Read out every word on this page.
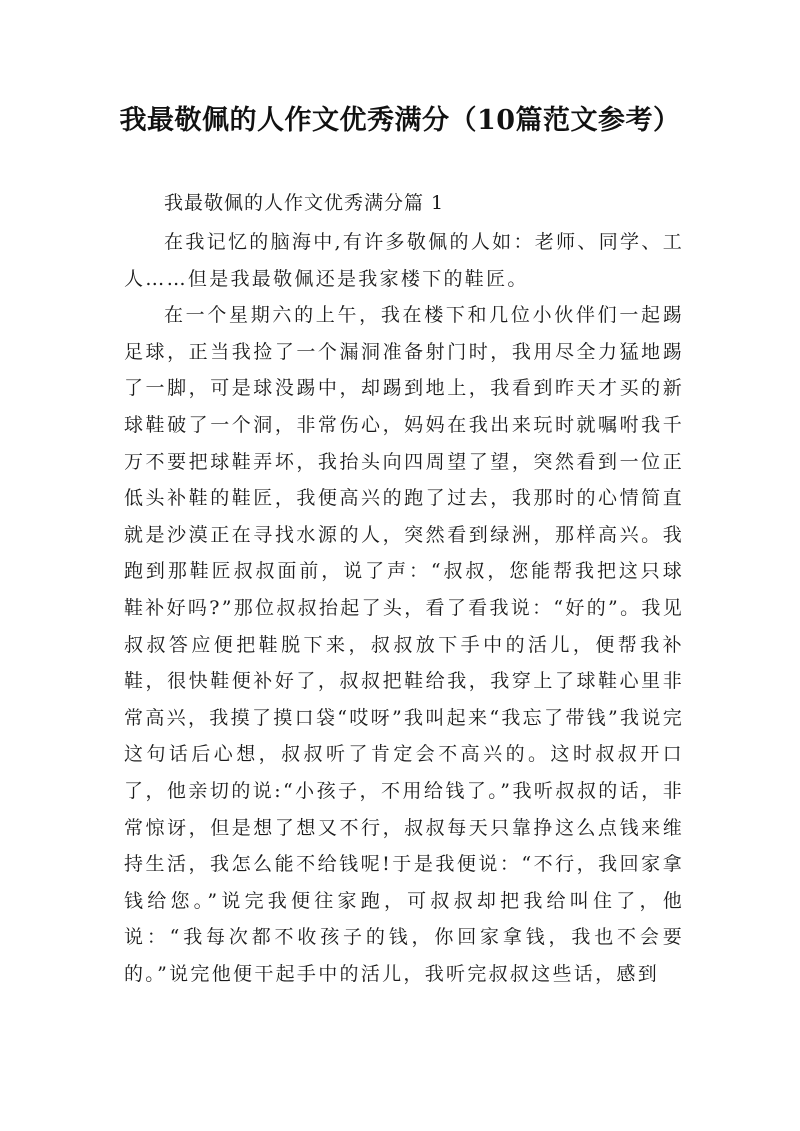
我最敬佩的人作文优秀满分（10篇范文参考）

我最敬佩的人作文优秀满分篇 1

在我记忆的脑海中,有许多敬佩的人如：老师、同学、工人……但是我最敬佩还是我家楼下的鞋匠。

在一个星期六的上午，我在楼下和几位小伙伴们一起踢足球，正当我捡了一个漏洞准备射门时，我用尽全力猛地踢了一脚，可是球没踢中，却踢到地上，我看到昨天才买的新球鞋破了一个洞，非常伤心，妈妈在我出来玩时就嘱咐我千万不要把球鞋弄坏，我抬头向四周望了望，突然看到一位正低头补鞋的鞋匠，我便高兴的跑了过去，我那时的心情简直就是沙漠正在寻找水源的人，突然看到绿洲，那样高兴。我跑到那鞋匠叔叔面前，说了声：“叔叔，您能帮我把这只球鞋补好吗?”那位叔叔抬起了头，看了看我说：“好的”。我见叔叔答应便把鞋脱下来，叔叔放下手中的活儿，便帮我补鞋，很快鞋便补好了，叔叔把鞋给我，我穿上了球鞋心里非常高兴，我摸了摸口袋“哎呀”我叫起来“我忘了带钱”我说完这句话后心想，叔叔听了肯定会不高兴的。这时叔叔开口了，他亲切的说:“小孩子，不用给钱了。”我听叔叔的话，非常惊讶，但是想了想又不行，叔叔每天只靠挣这么点钱来维持生活，我怎么能不给钱呢!于是我便说：“不行，我回家拿钱给您。”说完我便往家跑，可叔叔却把我给叫住了，他说：“我每次都不收孩子的钱，你回家拿钱，我也不会要的。”说完他便干起手中的活儿，我听完叔叔这些话，感到
